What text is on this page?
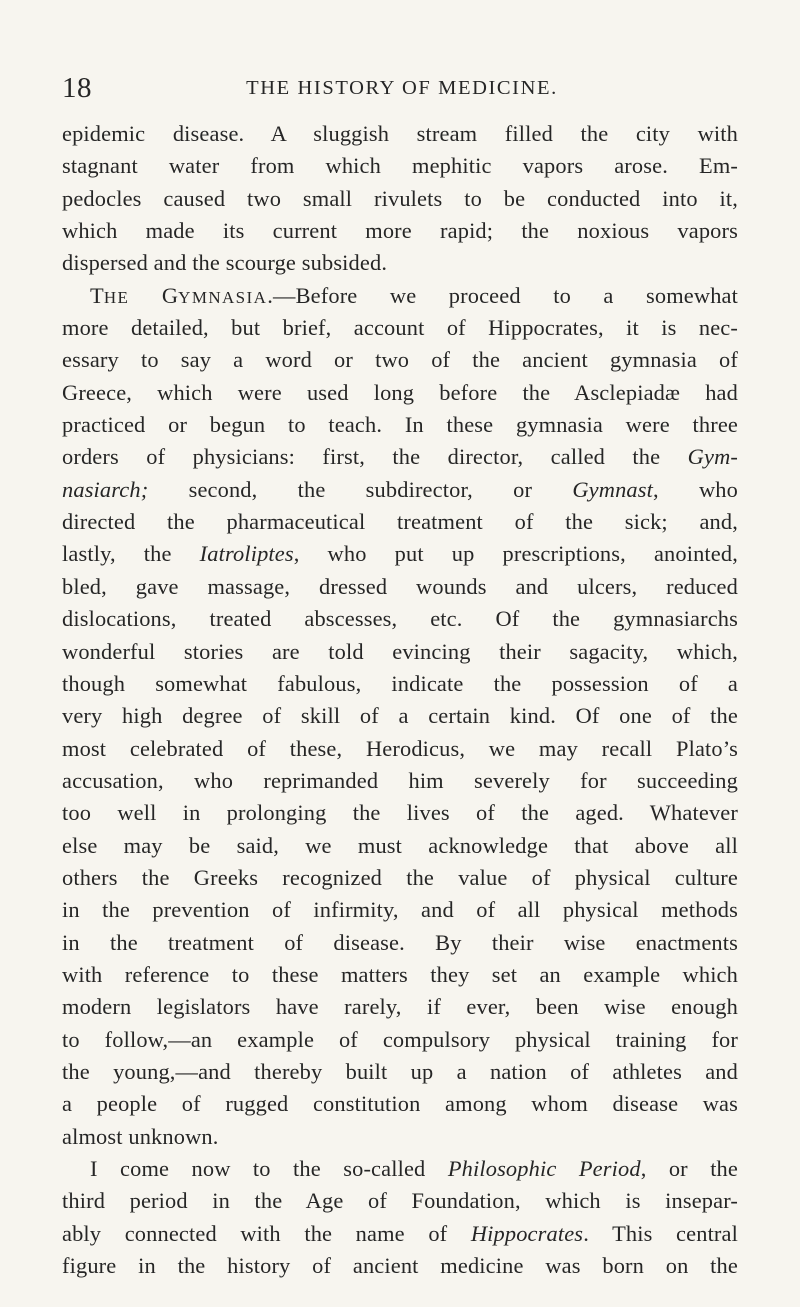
18	THE HISTORY OF MEDICINE.
epidemic disease. A sluggish stream filled the city with
stagnant water from which mephitic vapors arose. Em-
pedocles caused two small rivulets to be conducted into it,
which made its current more rapid; the noxious vapors
dispersed and the scourge subsided.
THE GYMNASIA.—Before we proceed to a somewhat
more detailed, but brief, account of Hippocrates, it is nec-
essary to say a word or two of the ancient gymnasia of
Greece, which were used long before the Asclepiadæ had
practiced or begun to teach. In these gymnasia were three
orders of physicians: first, the director, called the Gym-
nasiarch; second, the subdirector, or Gymnast, who
directed the pharmaceutical treatment of the sick; and,
lastly, the Iatroliptes, who put up prescriptions, anointed,
bled, gave massage, dressed wounds and ulcers, reduced
dislocations, treated abscesses, etc. Of the gymnasiarchs
wonderful stories are told evincing their sagacity, which,
though somewhat fabulous, indicate the possession of a
very high degree of skill of a certain kind. Of one of the
most celebrated of these, Herodicus, we may recall Plato’s
accusation, who reprimanded him severely for succeeding
too well in prolonging the lives of the aged. Whatever
else may be said, we must acknowledge that above all
others the Greeks recognized the value of physical culture
in the prevention of infirmity, and of all physical methods
in the treatment of disease. By their wise enactments
with reference to these matters they set an example which
modern legislators have rarely, if ever, been wise enough
to follow,—an example of compulsory physical training for
the young,—and thereby built up a nation of athletes and
a people of rugged constitution among whom disease was
almost unknown.
I come now to the so-called Philosophic Period, or the
third period in the Age of Foundation, which is insepar-
ably connected with the name of Hippocrates. This central
figure in the history of ancient medicine was born on the
